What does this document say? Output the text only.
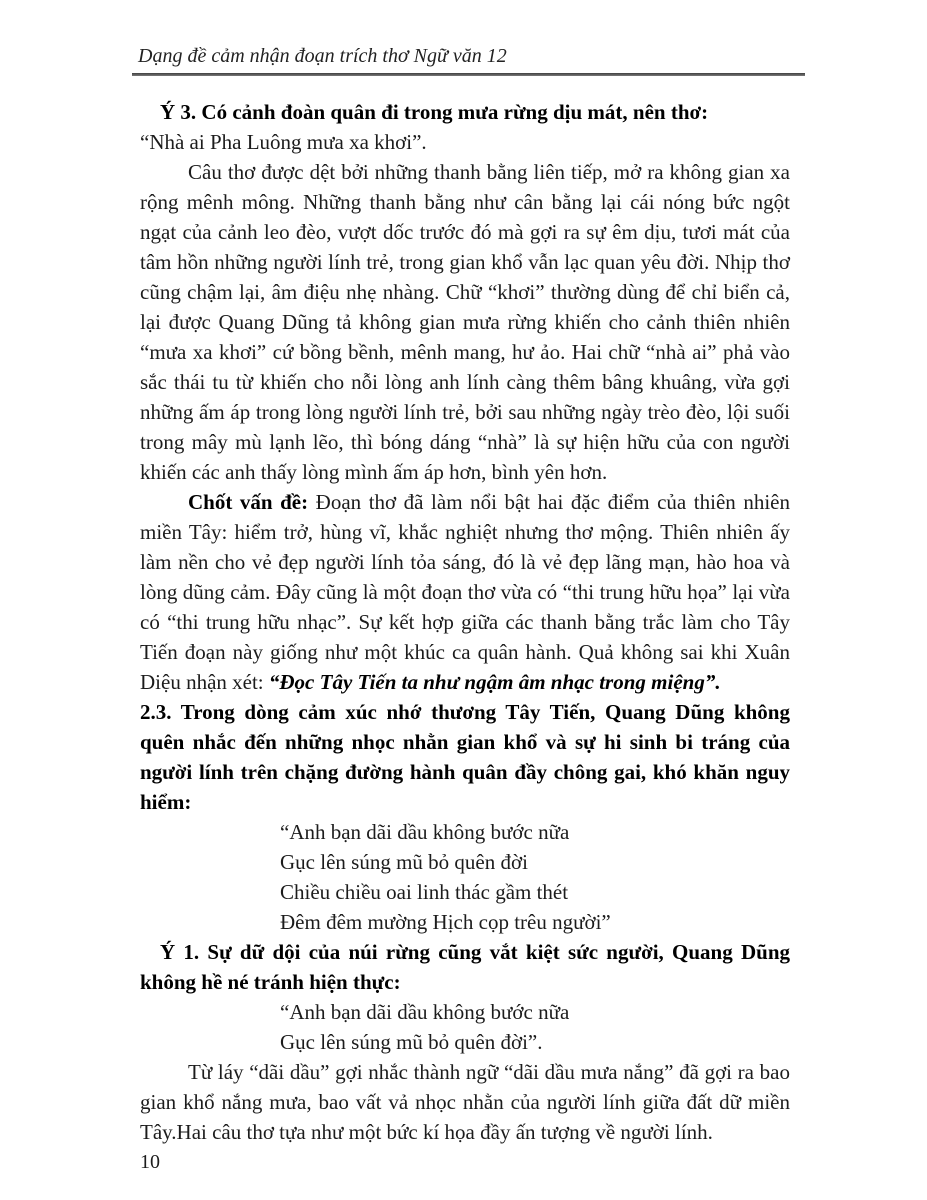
Dạng đề cảm nhận đoạn trích thơ Ngữ văn 12

Ý 3. Có cảnh đoàn quân đi trong mưa rừng dịu mát, nên thơ:

“Nhà ai Pha Luông mưa xa khơi”.

Câu thơ được dệt bởi những thanh bằng liên tiếp, mở ra không gian xa rộng mênh mông. Những thanh bằng như cân bằng lại cái nóng bức ngột ngạt của cảnh leo đèo, vượt dốc trước đó mà gợi ra sự êm dịu, tươi mát của tâm hồn những người lính trẻ, trong gian khổ vẫn lạc quan yêu đời. Nhịp thơ cũng chậm lại, âm điệu nhẹ nhàng. Chữ “khơi” thường dùng để chỉ biển cả, lại được Quang Dũng tả không gian mưa rừng khiến cho cảnh thiên nhiên “mưa xa khơi” cứ bồng bềnh, mênh mang, hư ảo. Hai chữ “nhà ai” phả vào sắc thái tu từ khiến cho nỗi lòng anh lính càng thêm bâng khuâng, vừa gợi những ấm áp trong lòng người lính trẻ, bởi sau những ngày trèo đèo, lội suối trong mây mù lạnh lẽo, thì bóng dáng “nhà” là sự hiện hữu của con người khiến các anh thấy lòng mình ấm áp hơn, bình yên hơn.

Chốt vấn đề: Đoạn thơ đã làm nổi bật hai đặc điểm của thiên nhiên miền Tây: hiểm trở, hùng vĩ, khắc nghiệt nhưng thơ mộng. Thiên nhiên ấy làm nền cho vẻ đẹp người lính tỏa sáng, đó là vẻ đẹp lãng mạn, hào hoa và lòng dũng cảm. Đây cũng là một đoạn thơ vừa có “thi trung hữu họa” lại vừa có “thi trung hữu nhạc”. Sự kết hợp giữa các thanh bằng trắc làm cho Tây Tiến đoạn này giống như một khúc ca quân hành. Quả không sai khi Xuân Diệu nhận xét: “Đọc Tây Tiến ta như ngậm âm nhạc trong miệng”.

2.3. Trong dòng cảm xúc nhớ thương Tây Tiến, Quang Dũng không quên nhắc đến những nhọc nhằn gian khổ và sự hi sinh bi tráng của người lính trên chặng đường hành quân đầy chông gai, khó khăn nguy hiểm:

“Anh bạn dãi dầu không bước nữa
Gục lên súng mũ bỏ quên đời
Chiều chiều oai linh thác gầm thét
Đêm đêm mường Hịch cọp trêu người”

Ý 1. Sự dữ dội của núi rừng cũng vắt kiệt sức người, Quang Dũng không hề né tránh hiện thực:

“Anh bạn dãi dầu không bước nữa
Gục lên súng mũ bỏ quên đời”.

Từ láy “dãi dầu” gợi nhắc thành ngữ “dãi dầu mưa nắng” đã gợi ra bao gian khổ nắng mưa, bao vất vả nhọc nhằn của người lính giữa đất dữ miền Tây.Hai câu thơ tựa như một bức kí họa đầy ấn tượng về người lính.

10
